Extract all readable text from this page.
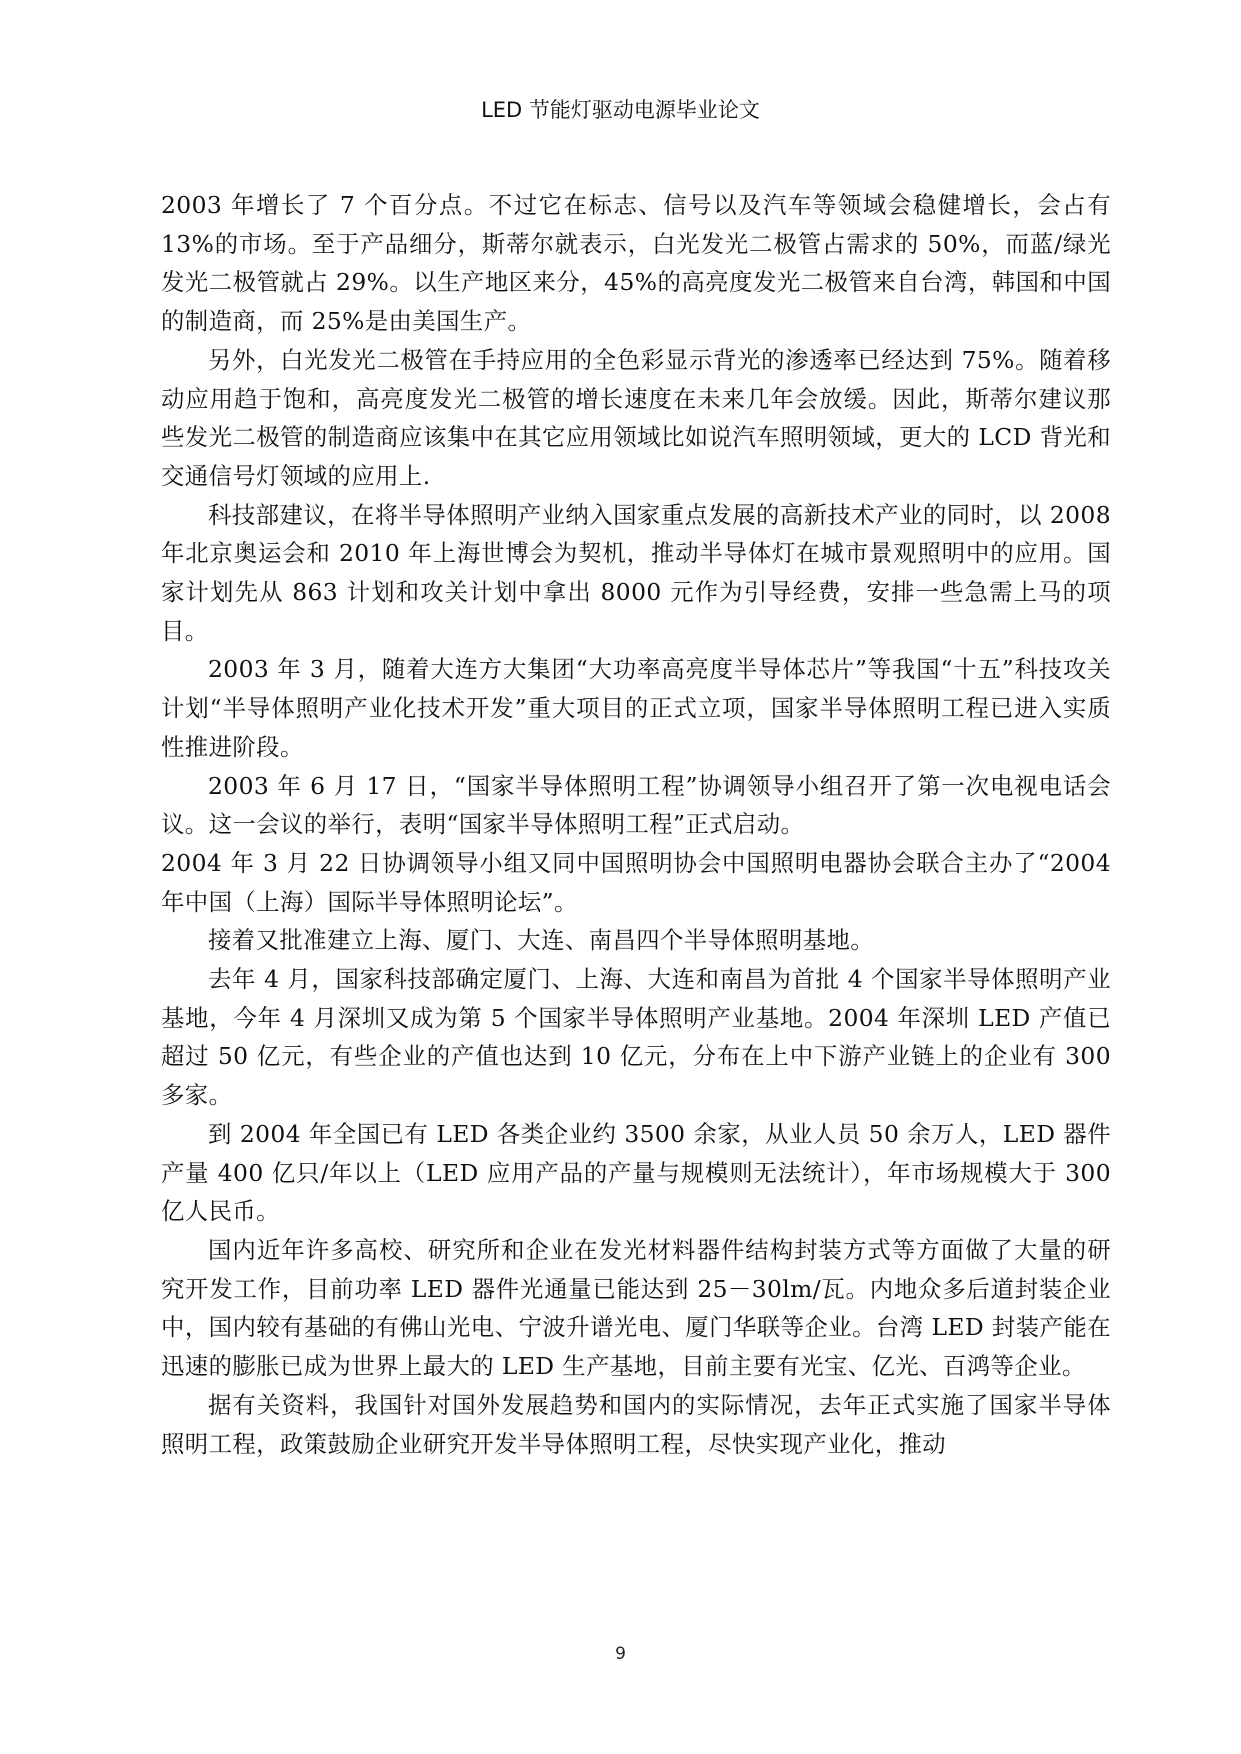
LED 节能灯驱动电源毕业论文

2003 年增长了 7 个百分点。不过它在标志、信号以及汽车等领域会稳健增长，会占有 13%的市场。至于产品细分，斯蒂尔就表示，白光发光二极管占需求的 50%，而蓝/绿光发光二极管就占 29%。以生产地区来分，45%的高亮度发光二极管来自台湾，韩国和中国的制造商，而 25%是由美国生产。

另外，白光发光二极管在手持应用的全色彩显示背光的渗透率已经达到 75%。随着移动应用趋于饱和，高亮度发光二极管的增长速度在未来几年会放缓。因此，斯蒂尔建议那些发光二极管的制造商应该集中在其它应用领域比如说汽车照明领域，更大的 LCD 背光和交通信号灯领域的应用上.

科技部建议，在将半导体照明产业纳入国家重点发展的高新技术产业的同时，以 2008 年北京奥运会和 2010 年上海世博会为契机，推动半导体灯在城市景观照明中的应用。国家计划先从 863 计划和攻关计划中拿出 8000 元作为引导经费，安排一些急需上马的项目。

2003 年 3 月，随着大连方大集团“大功率高亮度半导体芯片”等我国“十五”科技攻关计划“半导体照明产业化技术开发”重大项目的正式立项，国家半导体照明工程已进入实质性推进阶段。

2003 年 6 月 17 日，“国家半导体照明工程”协调领导小组召开了第一次电视电话会议。这一会议的举行，表明“国家半导体照明工程”正式启动。

2004 年 3 月 22 日协调领导小组又同中国照明协会中国照明电器协会联合主办了“2004 年中国（上海）国际半导体照明论坛”。

接着又批准建立上海、厦门、大连、南昌四个半导体照明基地。

去年 4 月，国家科技部确定厦门、上海、大连和南昌为首批 4 个国家半导体照明产业基地，今年 4 月深圳又成为第 5 个国家半导体照明产业基地。2004 年深圳 LED 产值已超过 50 亿元，有些企业的产值也达到 10 亿元，分布在上中下游产业链上的企业有 300 多家。

到 2004 年全国已有 LED 各类企业约 3500 余家，从业人员 50 余万人，LED 器件产量 400 亿只/年以上（LED 应用产品的产量与规模则无法统计），年市场规模大于 300 亿人民币。

国内近年许多高校、研究所和企业在发光材料器件结构封装方式等方面做了大量的研究开发工作，目前功率 LED 器件光通量已能达到 25－30lm/瓦。内地众多后道封装企业中，国内较有基础的有佛山光电、宁波升谱光电、厦门华联等企业。台湾 LED 封装产能在迅速的膨胀已成为世界上最大的 LED 生产基地，目前主要有光宝、亿光、百鸿等企业。

据有关资料，我国针对国外发展趋势和国内的实际情况，去年正式实施了国家半导体照明工程，政策鼓励企业研究开发半导体照明工程，尽快实现产业化，推动

9
